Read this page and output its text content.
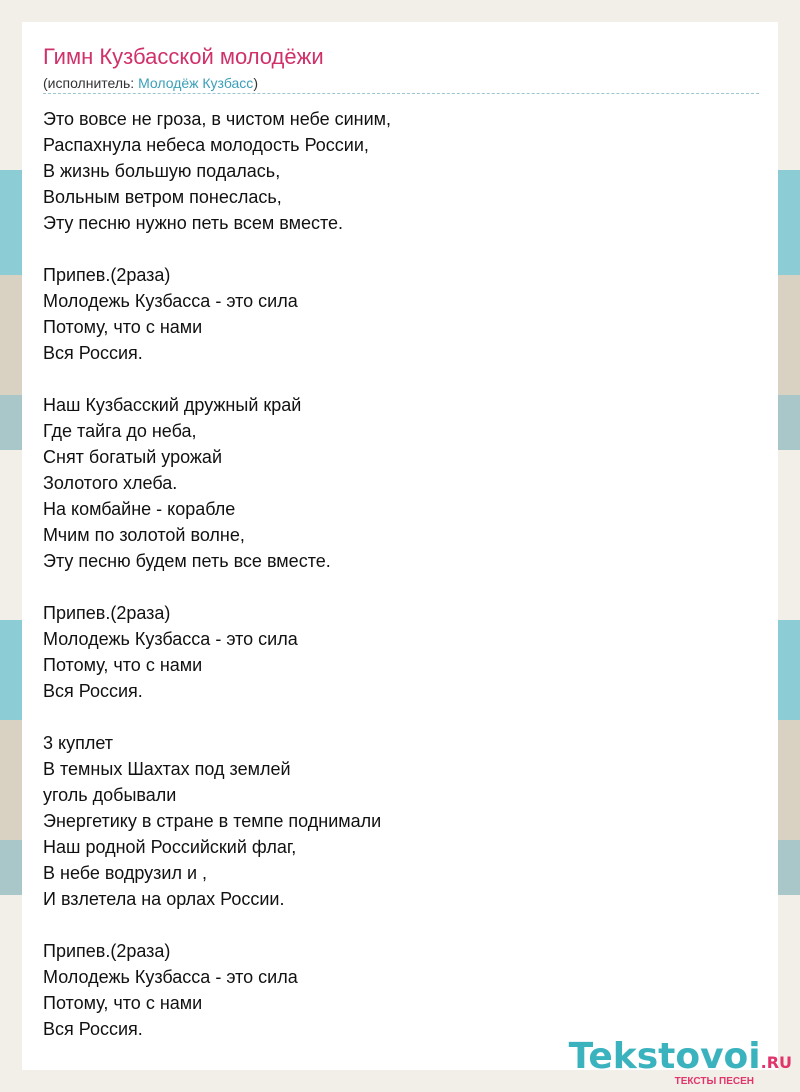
Гимн Кузбасской молодёжи
(исполнитель: Молодёж Кузбасс)
Это вовсе не гроза, в чистом небе синим,
Распахнула небеса молодость России,
В жизнь большую подалась,
Вольным ветром понеслась,
Эту песню нужно петь всем вместе.
Припев.(2раза)
Молодежь Кузбасса - это сила
Потому, что с нами
Вся Россия.
Наш Кузбасский дружный край
Где тайга до неба,
Снят богатый урожай
Золотого хлеба.
На комбайне - корабле
Мчим по золотой волне,
Эту песню будем петь все вместе.
Припев.(2раза)
Молодежь Кузбасса - это сила
Потому, что с нами
Вся Россия.
3 куплет
В темных Шахтах под землей
уголь добывали
Энергетику в стране в темпе поднимали
Наш родной Российский флаг,
В небе водрузил и ,
И взлетела на орлах России.
Припев.(2раза)
Молодежь Кузбасса - это сила
Потому, что с нами
Вся Россия.
Tekstovoi.RU
ТЕКСТЫ ПЕСЕН
